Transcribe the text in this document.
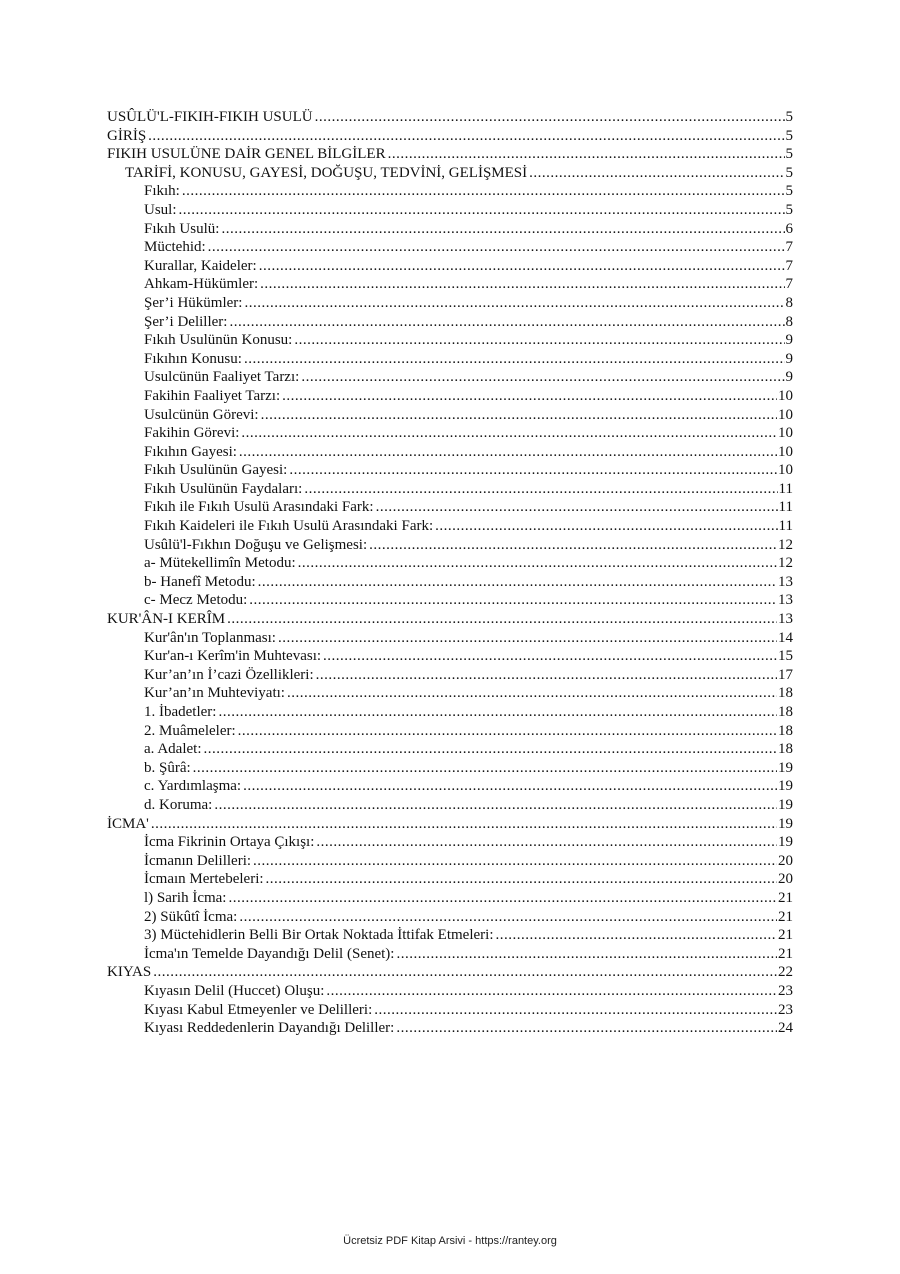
USÛLÜ'L-FIKIH-FIKIH USULÜ .....	5
GİRİŞ .....	5
FIKIH USULÜNE DAİR GENEL BİLGİLER .....	5
TARİFİ, KONUSU, GAYESİ, DOĞUŞU, TEDVİNİ, GELİŞMESİ .....	5
Fıkıh: .....	5
Usul: .....	5
Fıkıh Usulü: .....	6
Müctehid: .....	7
Kurallar, Kaideler: .....	7
Ahkam-Hükümler: .....	7
Şer’i Hükümler: .....	8
Şer’i Deliller: .....	8
Fıkıh Usulünün Konusu: .....	9
Fıkıhın Konusu: .....	9
Usulcünün Faaliyet Tarzı: .....	9
Fakihin Faaliyet Tarzı: .....	10
Usulcünün Görevi: .....	10
Fakihin Görevi: .....	10
Fıkıhın Gayesi: .....	10
Fıkıh Usulünün Gayesi: .....	10
Fıkıh Usulünün Faydaları: .....	11
Fıkıh ile Fıkıh Usulü Arasındaki Fark: .....	11
Fıkıh Kaideleri ile Fıkıh Usulü Arasındaki Fark: .....	11
Usûlü'l-Fıkhın Doğuşu ve Gelişmesi: .....	12
a- Mütekellimîn Metodu: .....	12
b- Hanefî Metodu: .....	13
c- Mecz Metodu: .....	13
KUR'ÂN-I KERÎM .....	13
Kur'ân'ın Toplanması: .....	14
Kur'an-ı Kerîm'in Muhtevası: .....	15
Kur’an’ın İ’cazi Özellikleri: .....	17
Kur’an’ın Muhteviyatı: .....	18
1. İbadetler: .....	18
2. Muâmeleler: .....	18
a. Adalet: .....	18
b. Şûrâ: .....	19
c. Yardımlaşma: .....	19
d. Koruma: .....	19
İCMA' .....	19
İcma Fikrinin Ortaya Çıkışı: .....	19
İcmanın Delilleri: .....	20
İcmaın Mertebeleri: .....	20
l) Sarih İcma: .....	21
2) Sükûtî İcma: .....	21
3) Müctehidlerin Belli Bir Ortak Noktada İttifak Etmeleri: .....	21
İcma'ın Temelde Dayandığı Delil (Senet): .....	21
KIYAS .....	22
Kıyasın Delil (Huccet) Oluşu: .....	23
Kıyası Kabul Etmeyenler ve Delilleri: .....	23
Kıyası Reddedenlerin Dayandığı Deliller: .....	24
Ücretsiz PDF Kitap Arsivi - https://rantey.org
